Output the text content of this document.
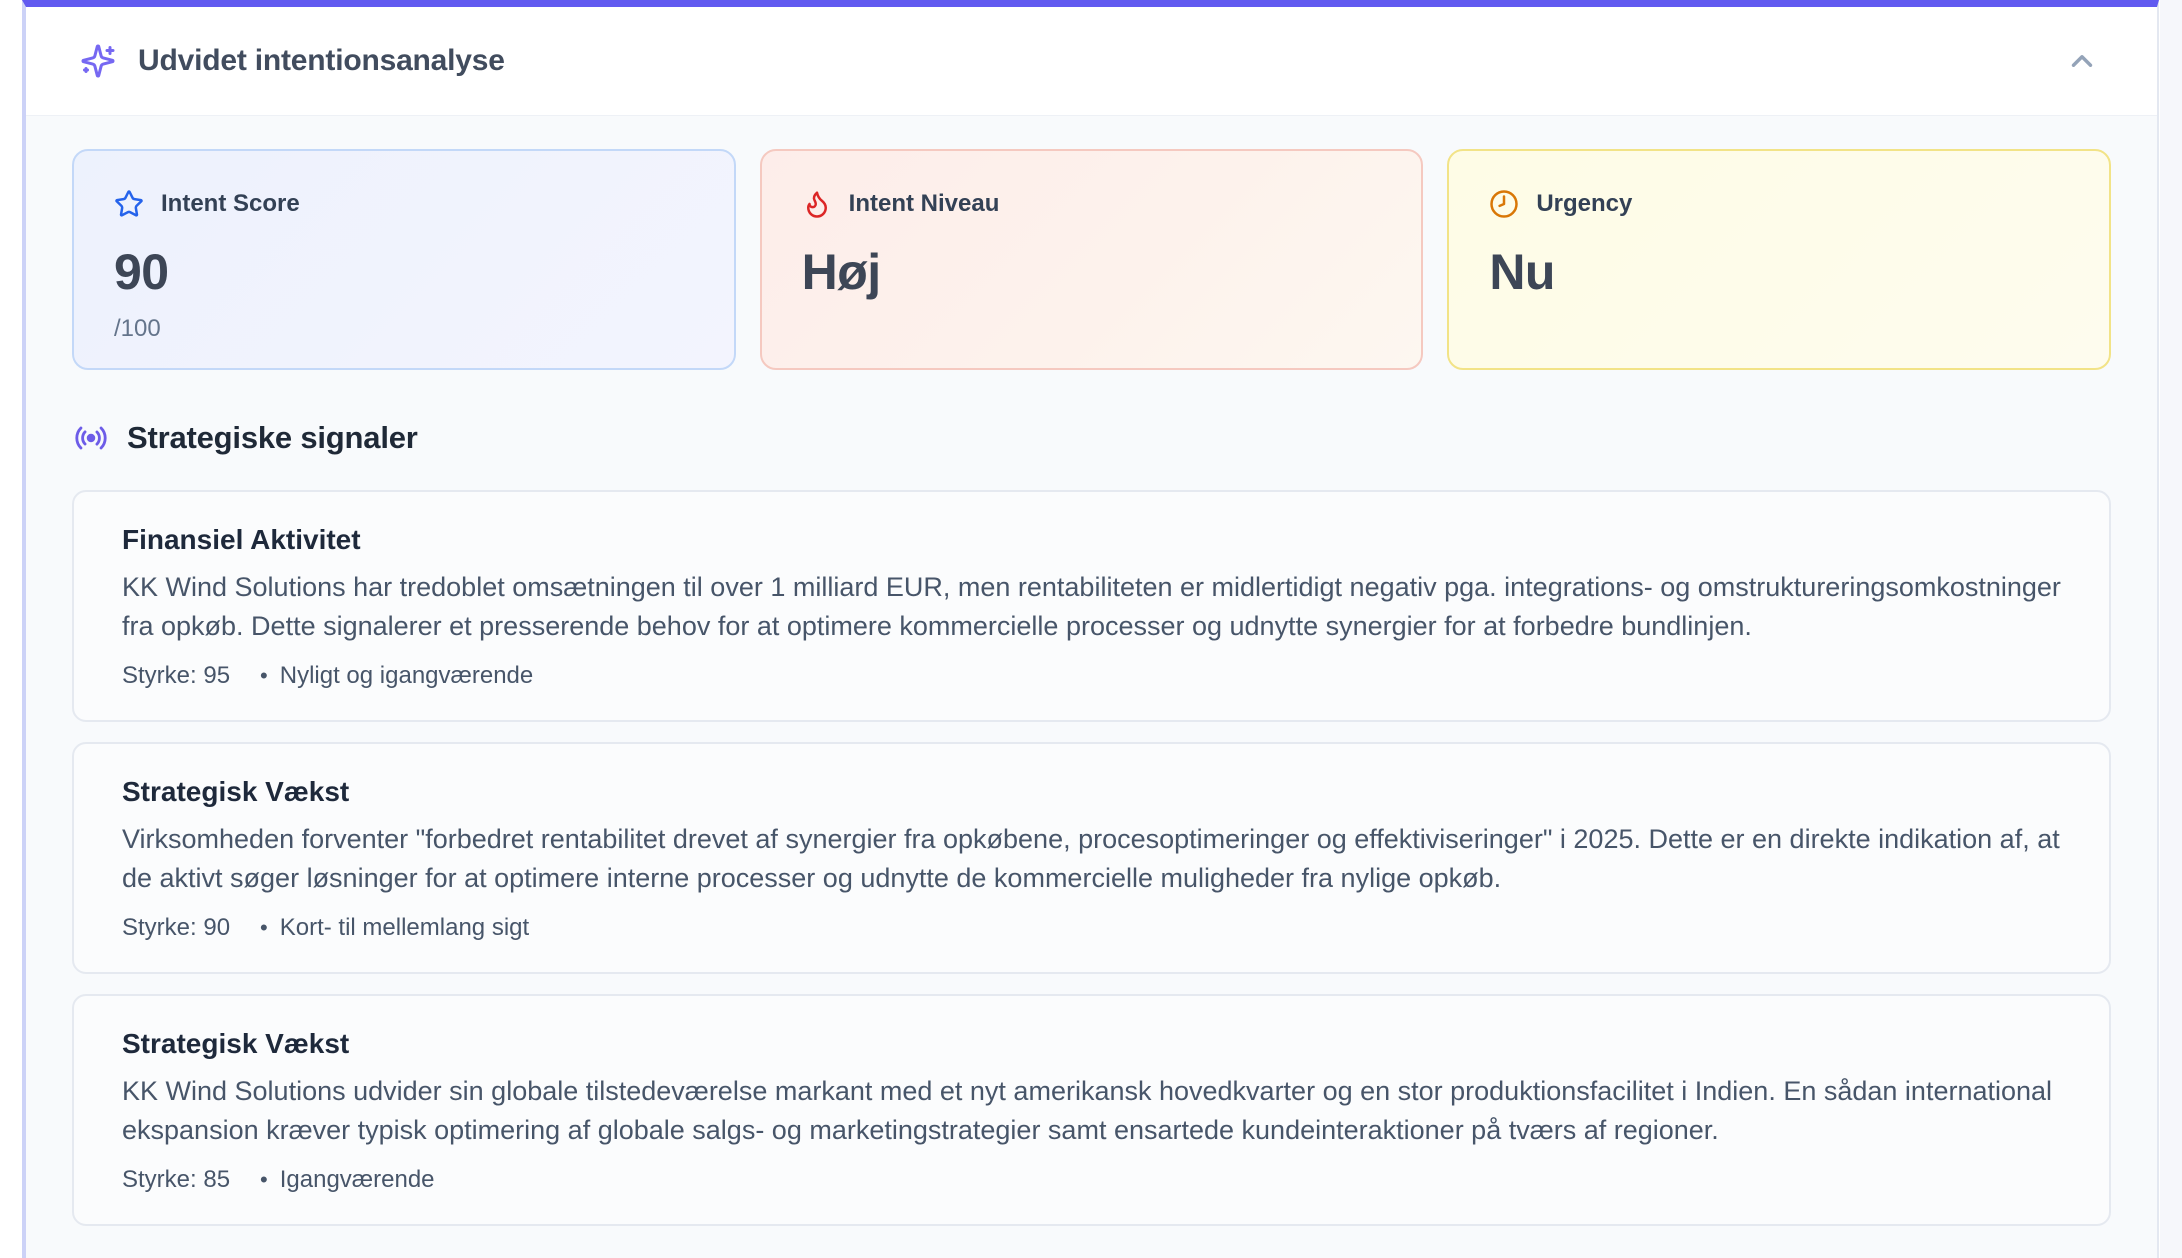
Udvidet intentionsanalyse
Intent Score
90
/100
Intent Niveau
Høj
Urgency
Nu
Strategiske signaler
Finansiel Aktivitet
KK Wind Solutions har tredoblet omsætningen til over 1 milliard EUR, men rentabiliteten er midlertidigt negativ pga. integrations- og omstruktureringsomkostninger fra opkøb. Dette signalerer et presserende behov for at optimere kommercielle processer og udnytte synergier for at forbedre bundlinjen.
Styrke: 95 • Nyligt og igangværende
Strategisk Vækst
Virksomheden forventer "forbedret rentabilitet drevet af synergier fra opkøbene, procesoptimeringer og effektiviseringer" i 2025. Dette er en direkte indikation af, at de aktivt søger løsninger for at optimere interne processer og udnytte de kommercielle muligheder fra nylige opkøb.
Styrke: 90 • Kort- til mellemlang sigt
Strategisk Vækst
KK Wind Solutions udvider sin globale tilstedeværelse markant med et nyt amerikansk hovedkvarter og en stor produktionsfacilitet i Indien. En sådan international ekspansion kræver typisk optimering af globale salgs- og marketingstrategier samt ensartede kundeinteraktioner på tværs af regioner.
Styrke: 85 • Igangværende
